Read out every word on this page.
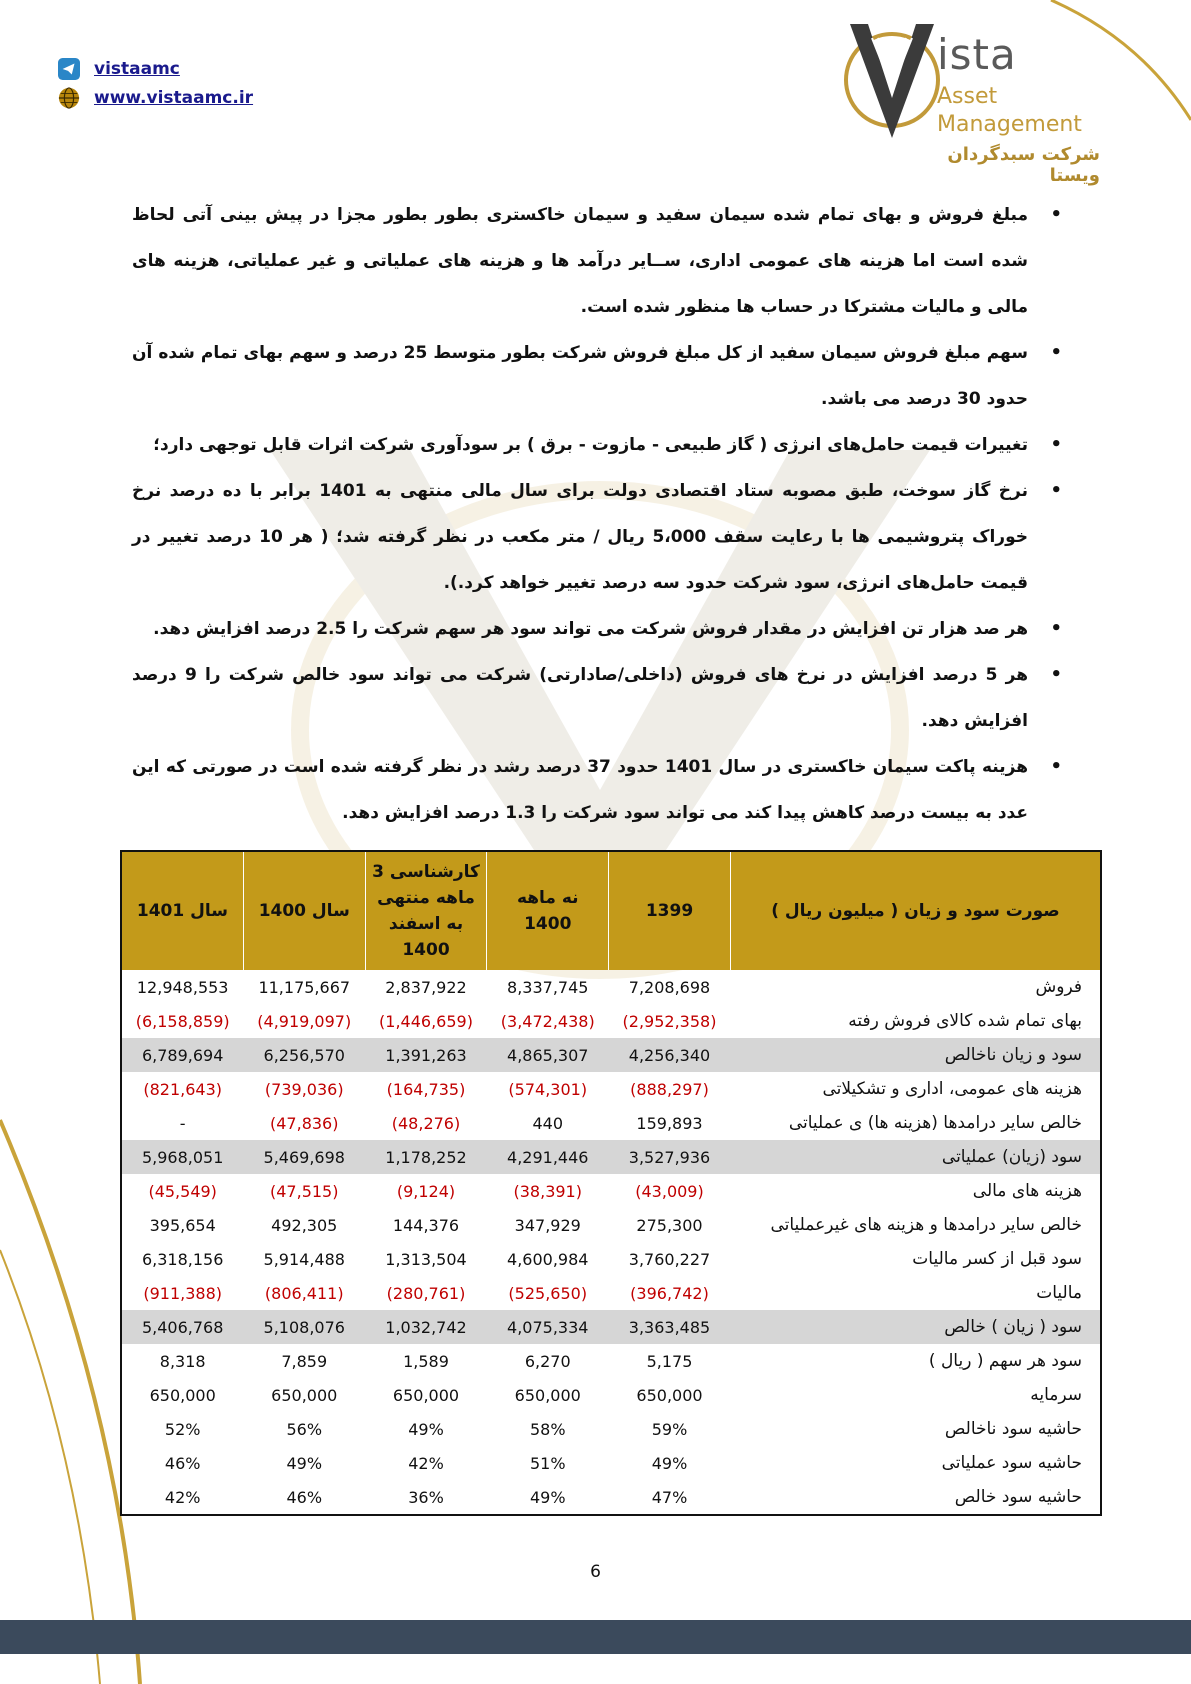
vistaamc
www.vistaamc.ir
ista
Asset
Management
شرکت سبدگردان ویستا
• مبلغ فروش و بهای تمام شده سیمان سفید و سیمان خاکستری بطور بطور مجزا در پیش بینی آتی لحاظ شده است اما هزینه های عمومی اداری، ســایر درآمد ها و هزینه های عملیاتی و غیر عملیاتی، هزینه های مالی و مالیات مشترکا در حساب ها منظور شده است.
• سهم مبلغ فروش سیمان سفید از کل مبلغ فروش شرکت بطور متوسط 25 درصد و سهم بهای تمام شده آن حدود 30 درصد می باشد.
• تغییرات قیمت حامل‌های انرژی ( گاز طبیعی - مازوت - برق ) بر سودآوری شرکت اثرات قابل توجهی دارد؛
• نرخ گاز سوخت، طبق مصوبه ستاد اقتصادی دولت برای سال مالی منتهی به 1401 برابر با ده درصد نرخ خوراک پتروشیمی ها با رعایت سقف 5،000 ریال / متر مکعب در نظر گرفته شد؛ ( هر 10 درصد تغییر در قیمت حامل‌های انرژی، سود شرکت حدود سه درصد تغییر خواهد کرد.).
• هر صد هزار تن افزایش در مقدار فروش شرکت می تواند سود هر سهم شرکت را 2.5 درصد افزایش دهد.
• هر 5 درصد افزایش در نرخ های فروش (داخلی/صادارتی) شرکت می تواند سود خالص شرکت را 9 درصد افزایش دهد.
• هزینه پاکت سیمان خاکستری در سال 1401 حدود 37 درصد رشد در نظر گرفته شده است در صورتی که این عدد به بیست درصد کاهش پیدا کند می تواند سود شرکت را 1.3 درصد افزایش دهد.
صورت سود و زیان ( میلیون ریال )	1399	نه ماهه 1400	کارشناسی 3 ماهه منتهی به اسفند 1400	سال 1400	سال 1401
فروش	7,208,698	8,337,745	2,837,922	11,175,667	12,948,553
بهای تمام شده کالای فروش رفته	(2,952,358)	(3,472,438)	(1,446,659)	(4,919,097)	(6,158,859)
سود و زیان ناخالص	4,256,340	4,865,307	1,391,263	6,256,570	6,789,694
هزینه های عمومی، اداری و تشکیلاتی	(888,297)	(574,301)	(164,735)	(739,036)	(821,643)
خالص سایر درامدها (هزینه ها) ی عملیاتی	159,893	440	(48,276)	(47,836)	-
سود (زیان) عملیاتی	3,527,936	4,291,446	1,178,252	5,469,698	5,968,051
هزینه های مالی	(43,009)	(38,391)	(9,124)	(47,515)	(45,549)
خالص سایر درامدها و هزینه های غیرعملیاتی	275,300	347,929	144,376	492,305	395,654
سود قبل از کسر مالیات	3,760,227	4,600,984	1,313,504	5,914,488	6,318,156
مالیات	(396,742)	(525,650)	(280,761)	(806,411)	(911,388)
سود ( زیان ) خالص	3,363,485	4,075,334	1,032,742	5,108,076	5,406,768
سود هر سهم ( ریال )	5,175	6,270	1,589	7,859	8,318
سرمایه	650,000	650,000	650,000	650,000	650,000
حاشیه سود ناخالص	59%	58%	49%	56%	52%
حاشیه سود عملیاتی	49%	51%	42%	49%	46%
حاشیه سود خالص	47%	49%	36%	46%	42%
6
